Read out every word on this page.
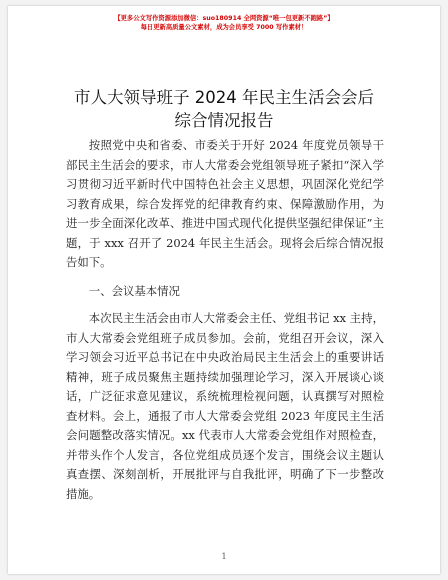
【更多公文写作资源添加微信：suo180914 全网资源“唯一包更新不跑路”】
每日更新高质量公文素材，成为会员享受 7000 写作素材！
市人大领导班子 2024 年民主生活会会后综合情况报告

按照党中央和省委、市委关于开好 2024 年度党员领导干部民主生活会的要求，市人大常委会党组领导班子紧扣“深入学习贯彻习近平新时代中国特色社会主义思想，巩固深化党纪学习教育成果，综合发挥党的纪律教育约束、保障激励作用，为进一步全面深化改革、推进中国式现代化提供坚强纪律保证”主题，于 xxx 召开了 2024 年民主生活会。现将会后综合情况报告如下。

一、会议基本情况

本次民主生活会由市人大常委会主任、党组书记 xx 主持，市人大常委会党组班子成员参加。会前，党组召开会议，深入学习领会习近平总书记在中央政治局民主生活会上的重要讲话精神，班子成员聚焦主题持续加强理论学习，深入开展谈心谈话，广泛征求意见建议，系统梳理检视问题，认真撰写对照检查材料。会上，通报了市人大常委会党组 2023 年度民主生活会问题整改落实情况。xx 代表市人大常委会党组作对照检查，并带头作个人发言，各位党组成员逐个发言，围绕会议主题认真查摆、深刻剖析，开展批评与自我批评，明确了下一步整改措施。

1
